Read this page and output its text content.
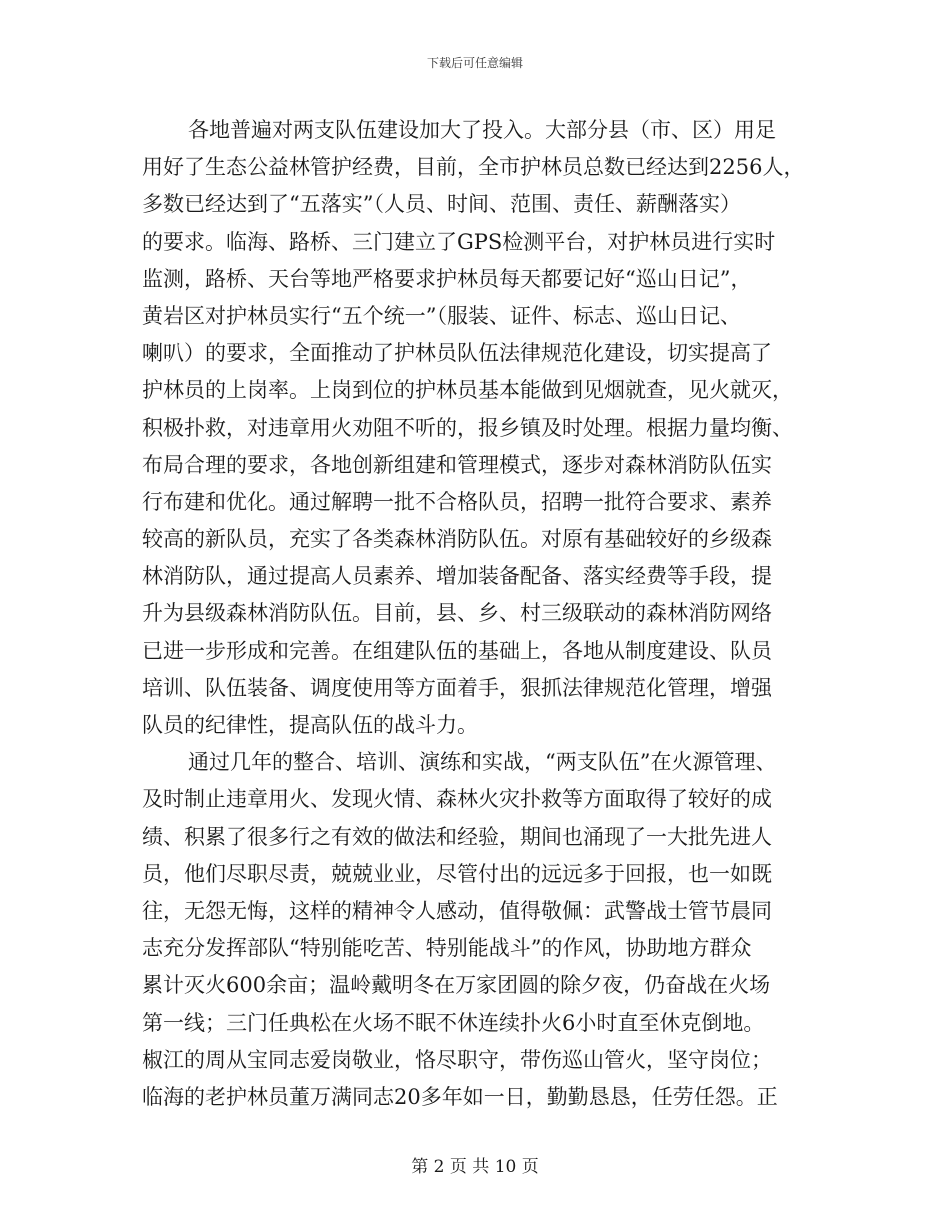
下载后可任意编辑
各地普遍对两支队伍建设加大了投入。大部分县（市、区）用足
用好了生态公益林管护经费，目前，全市护林员总数已经达到2256人，
多数已经达到了“五落实”（人员、时间、范围、责任、薪酬落实）
的要求。临海、路桥、三门建立了GPS检测平台，对护林员进行实时
监测，路桥、天台等地严格要求护林员每天都要记好“巡山日记”，
黄岩区对护林员实行“五个统一”（服装、证件、标志、巡山日记、
喇叭）的要求，全面推动了护林员队伍法律规范化建设，切实提高了
护林员的上岗率。上岗到位的护林员基本能做到见烟就查，见火就灭，
积极扑救，对违章用火劝阻不听的，报乡镇及时处理。根据力量均衡、
布局合理的要求，各地创新组建和管理模式，逐步对森林消防队伍实
行布建和优化。通过解聘一批不合格队员，招聘一批符合要求、素养
较高的新队员，充实了各类森林消防队伍。对原有基础较好的乡级森
林消防队，通过提高人员素养、增加装备配备、落实经费等手段，提
升为县级森林消防队伍。目前，县、乡、村三级联动的森林消防网络
已进一步形成和完善。在组建队伍的基础上，各地从制度建设、队员
培训、队伍装备、调度使用等方面着手，狠抓法律规范化管理，增强
队员的纪律性，提高队伍的战斗力。
通过几年的整合、培训、演练和实战，“两支队伍”在火源管理、
及时制止违章用火、发现火情、森林火灾扑救等方面取得了较好的成
绩、积累了很多行之有效的做法和经验，期间也涌现了一大批先进人
员，他们尽职尽责，兢兢业业，尽管付出的远远多于回报，也一如既
往，无怨无悔，这样的精神令人感动，值得敬佩：武警战士管节晨同
志充分发挥部队“特别能吃苦、特别能战斗”的作风，协助地方群众
累计灭火600余亩；温岭戴明冬在万家团圆的除夕夜，仍奋战在火场
第一线；三门任典松在火场不眠不休连续扑火6小时直至休克倒地。
椒江的周从宝同志爱岗敬业，恪尽职守，带伤巡山管火，坚守岗位；
临海的老护林员董万满同志20多年如一日，勤勤恳恳，任劳任怨。正
第 2 页 共 10 页
